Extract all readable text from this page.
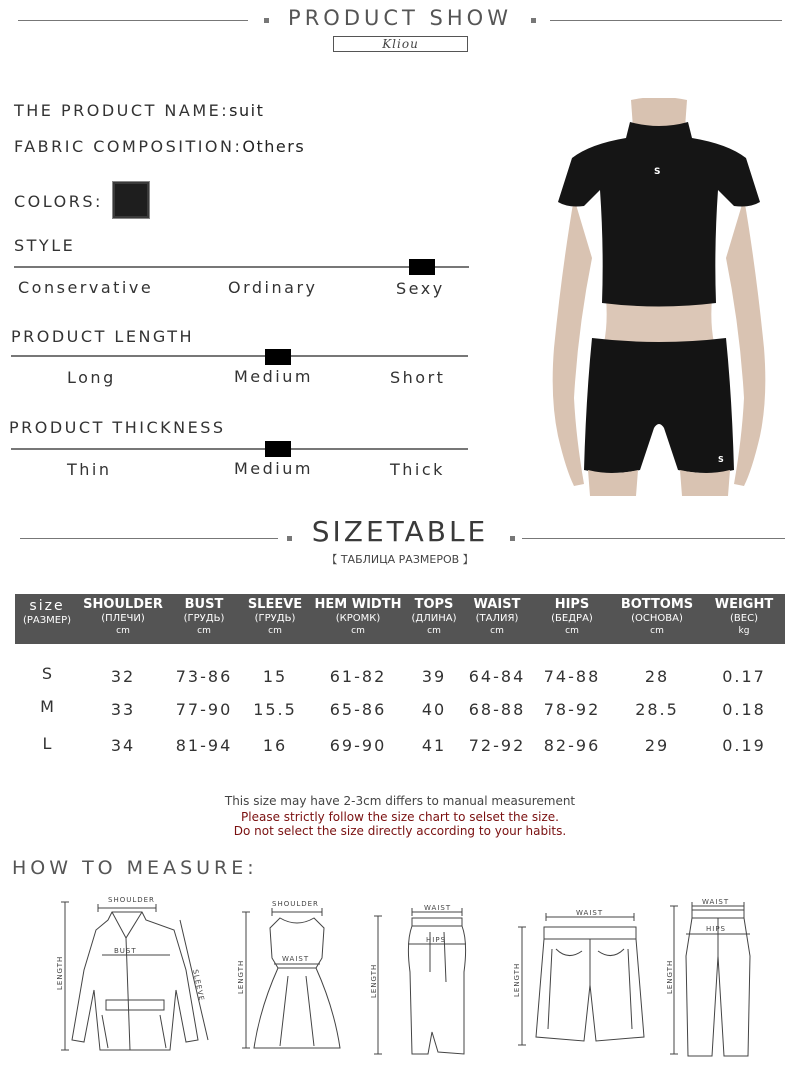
PRODUCT SHOW
Kliou
THE PRODUCT NAME:suit
FABRIC COMPOSITION:Others
COLORS:
STYLE
Conservative	Ordinary	Sexy
PRODUCT LENGTH
Long	Medium	Short
PRODUCT THICKNESS
Thin	Medium	Thick
S
S
SIZETABLE
【 ТАБЛИЦА РАЗМЕРОВ 】
size
(РАЗМЕР)
SHOULDER
(ПЛЕЧИ)
cm
BUST
(ГРУДЬ)
cm
SLEEVE
(ГРУДЬ)
cm
HEM WIDTH
(КРОМК)
cm
TOPS
(ДЛИНА)
cm
WAIST
(ТАЛИЯ)
cm
HIPS
(БЕДРА)
cm
BOTTOMS
(ОСНОВА)
cm
WEIGHT
(ВЕС)
kg
S	32	73-86	15	61-82	39	64-84	74-88	28	0.17
M	33	77-90	15.5	65-86	40	68-88	78-92	28.5	0.18
L	34	81-94	16	69-90	41	72-92	82-96	29	0.19
This size may have 2-3cm differs to manual measurement
Please strictly follow the size chart to selset the size.
Do not select the size directly according to your habits.
HOW TO MEASURE:
SHOULDER
BUST
SLEEVE
LENGTH
SHOULDER
WAIST
LENGTH
WAIST
HIPS
LENGTH
WAIST
LENGTH
WAIST
HIPS
LENGTH
